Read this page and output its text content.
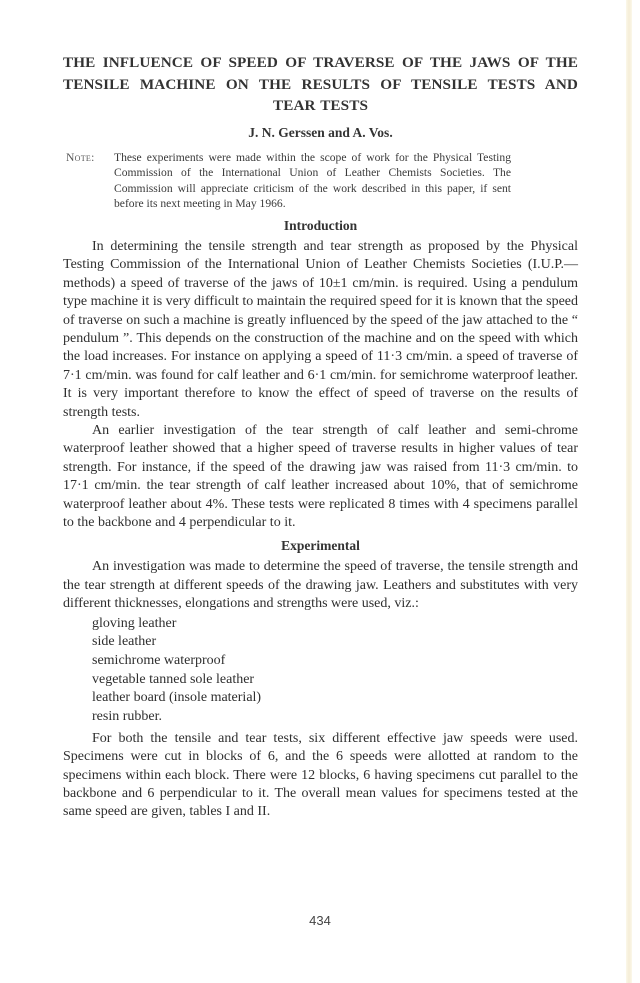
THE INFLUENCE OF SPEED OF TRAVERSE OF THE JAWS OF THE
TENSILE MACHINE ON THE RESULTS OF TENSILE TESTS AND
TEAR TESTS
J. N. Gerssen and A. Vos.
Note:	These experiments were made within the scope of work for the Physical Testing Commission of the International Union of Leather Chemists Societies. The Commission will appreciate criticism of the work described in this paper, if sent before its next meeting in May 1966.
Introduction

In determining the tensile strength and tear strength as proposed by the Physical Testing Commission of the International Union of Leather Chemists Societies (I.U.P.—methods) a speed of traverse of the jaws of 10±1 cm/min. is required. Using a pendulum type machine it is very difficult to maintain the required speed for it is known that the speed of traverse on such a machine is greatly influenced by the speed of the jaw attached to the “ pendulum ”. This depends on the construction of the machine and on the speed with which the load increases. For instance on applying a speed of 11·3 cm/min. a speed of traverse of 7·1 cm/min. was found for calf leather and 6·1 cm/min. for semichrome waterproof leather. It is very important therefore to know the effect of speed of traverse on the results of strength tests.

An earlier investigation of the tear strength of calf leather and semi-chrome waterproof leather showed that a higher speed of traverse results in higher values of tear strength. For instance, if the speed of the drawing jaw was raised from 11·3 cm/min. to 17·1 cm/min. the tear strength of calf leather increased about 10%, that of semichrome waterproof leather about 4%. These tests were replicated 8 times with 4 specimens parallel to the backbone and 4 perpendicular to it.

Experimental

An investigation was made to determine the speed of traverse, the tensile strength and the tear strength at different speeds of the drawing jaw. Leathers and substitutes with very different thicknesses, elongations and strengths were used, viz.:

gloving leather
side leather
semichrome waterproof
vegetable tanned sole leather
leather board (insole material)
resin rubber.

For both the tensile and tear tests, six different effective jaw speeds were used. Specimens were cut in blocks of 6, and the 6 speeds were allotted at random to the specimens within each block. There were 12 blocks, 6 having specimens cut parallel to the backbone and 6 perpendicular to it. The overall mean values for specimens tested at the same speed are given, tables I and II.

434
